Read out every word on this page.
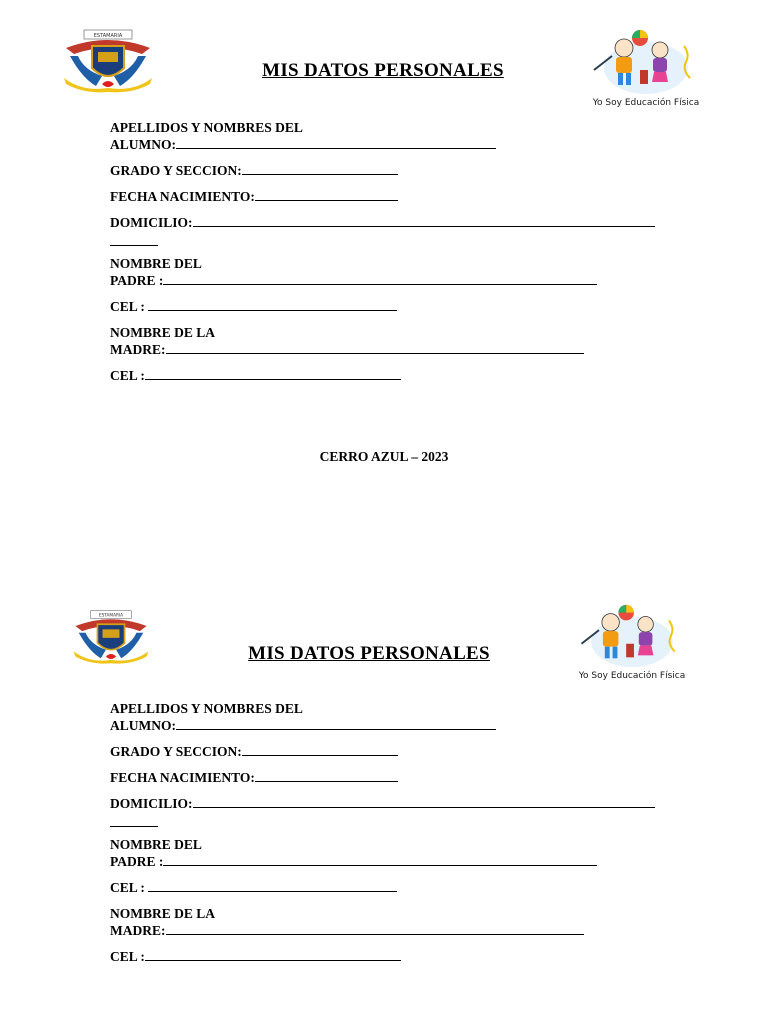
ESTAMARIA
MIS DATOS PERSONALES
Yo Soy Educación Física
APELLIDOS Y NOMBRES DEL
ALUMNO:
GRADO Y SECCION:
FECHA NACIMIENTO:
DOMICILIO:
NOMBRE DEL
PADRE :
CEL :
NOMBRE DE LA
MADRE:
CEL :
CERRO AZUL – 2023
ESTAMARIA
MIS DATOS PERSONALES
Yo Soy Educación Física
APELLIDOS Y NOMBRES DEL
ALUMNO:
GRADO Y SECCION:
FECHA NACIMIENTO:
DOMICILIO:
NOMBRE DEL
PADRE :
CEL :
NOMBRE DE LA
MADRE:
CEL :
